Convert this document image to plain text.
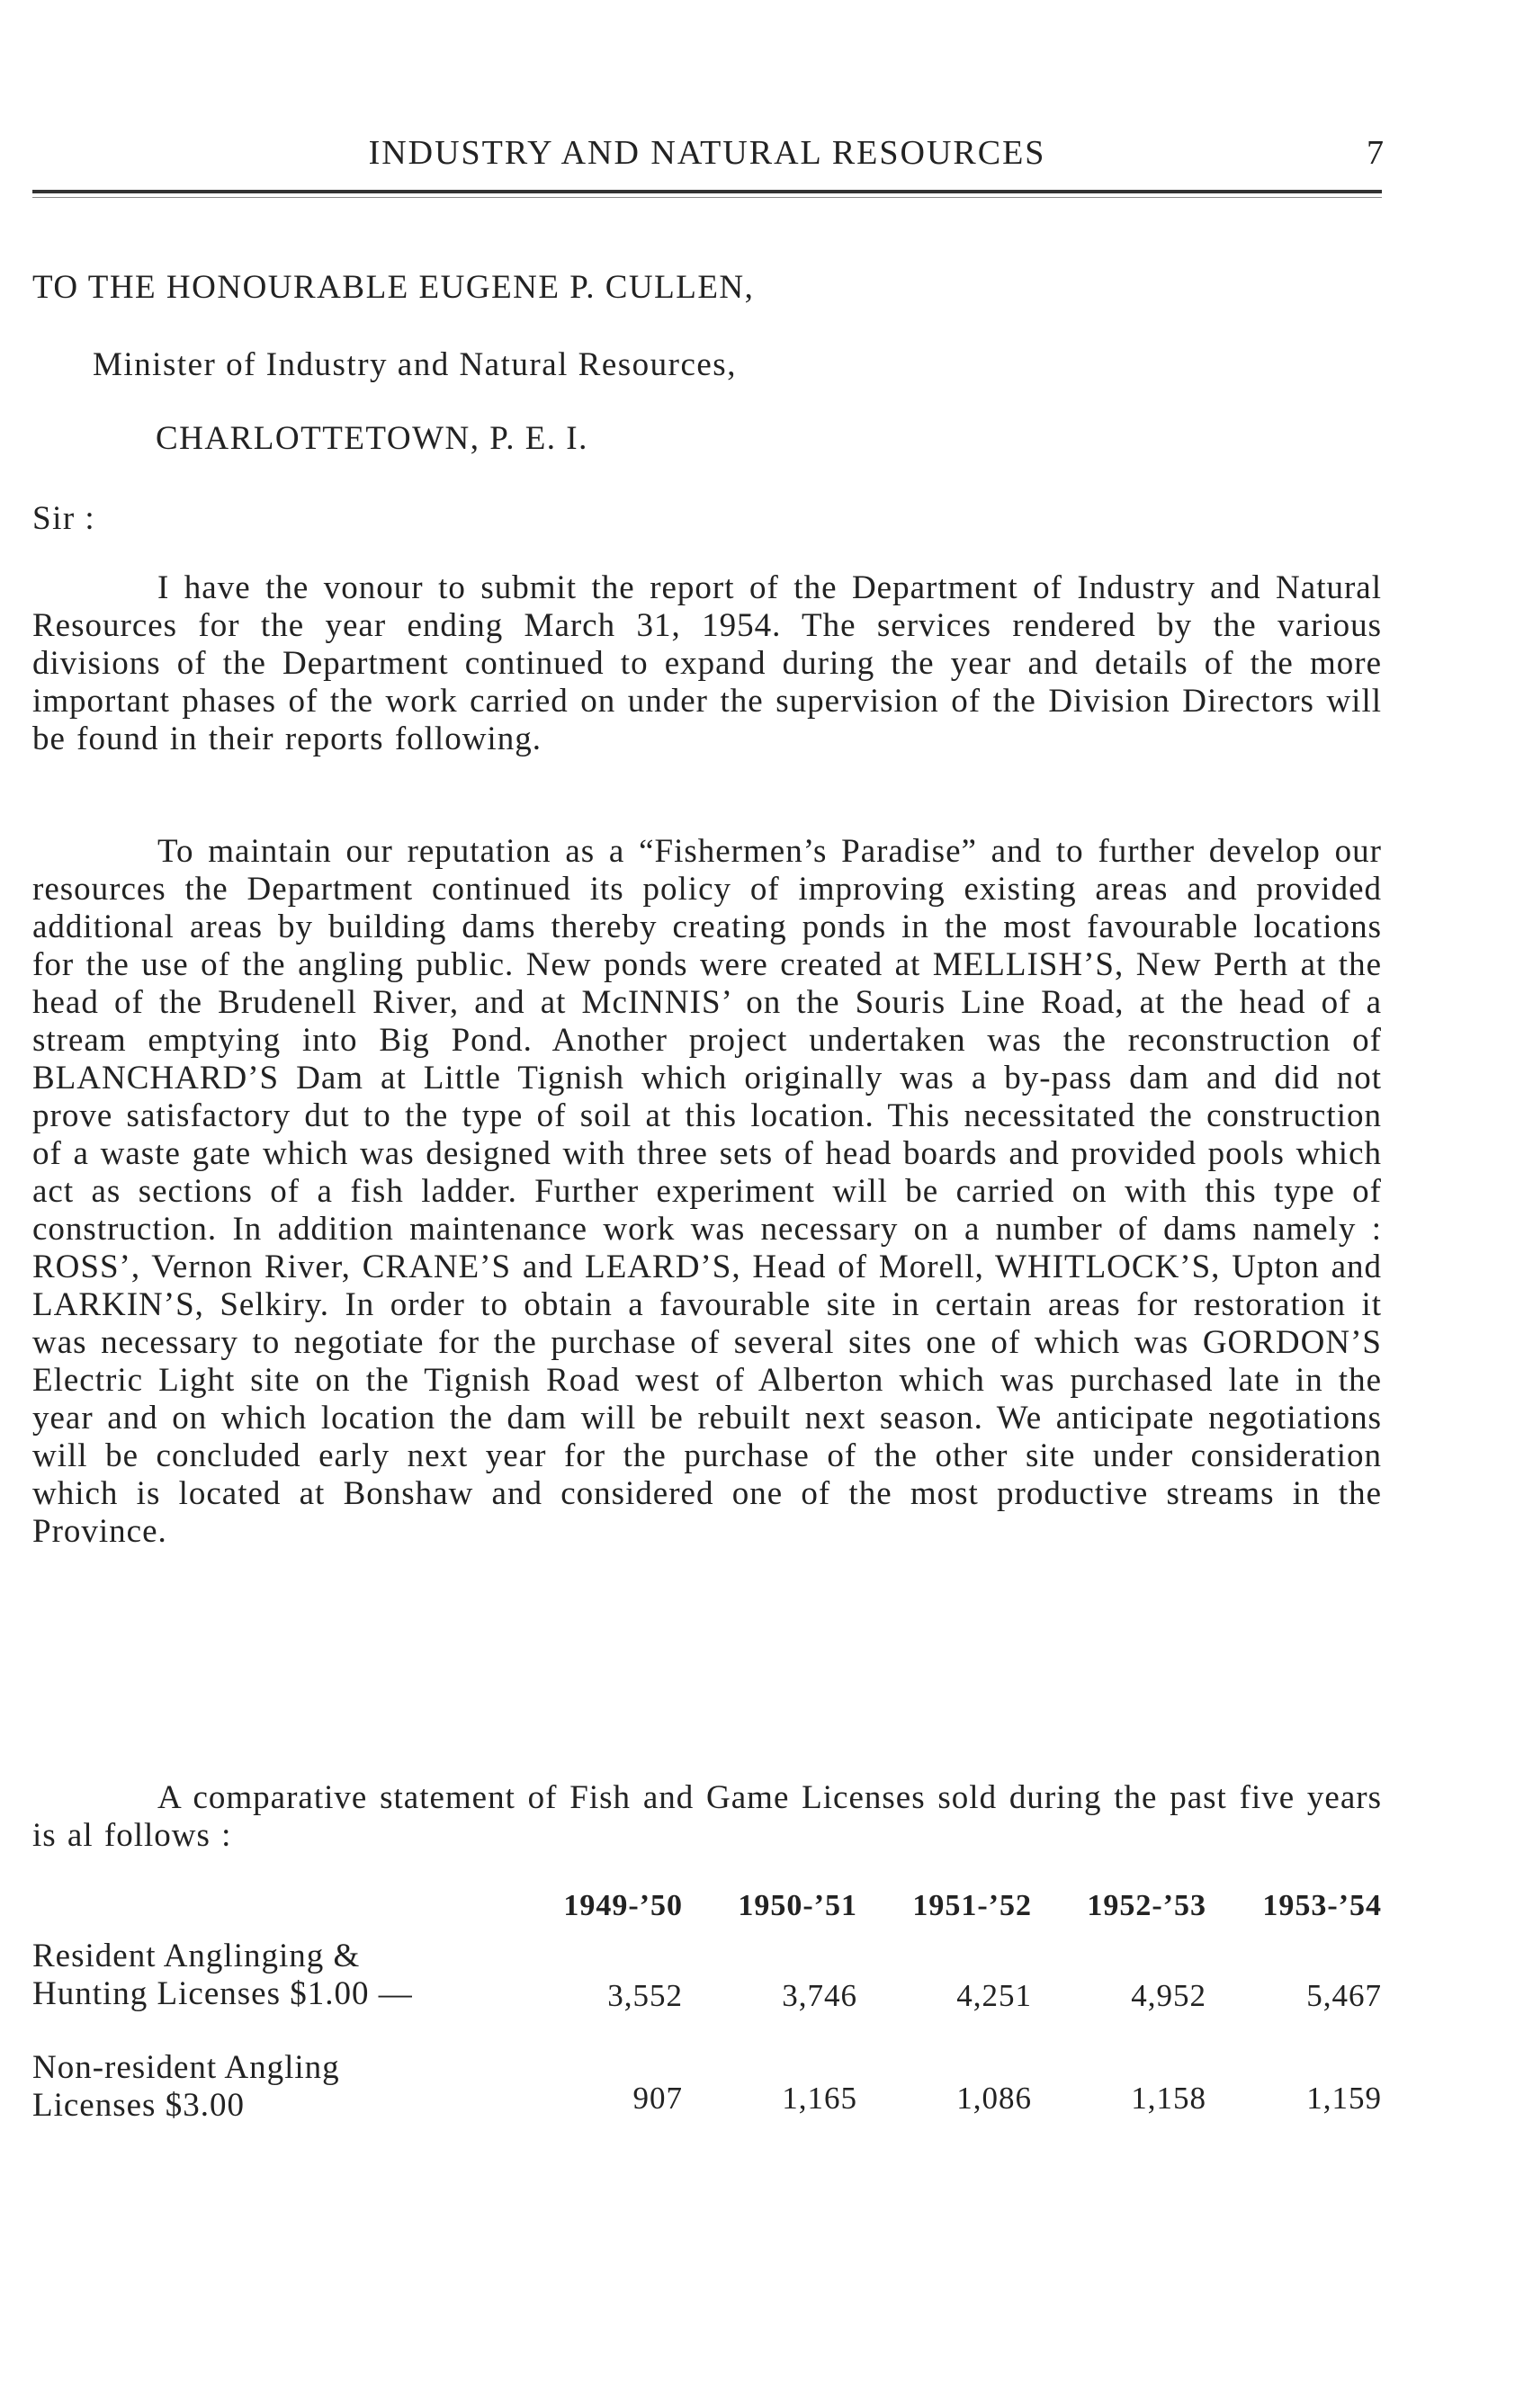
INDUSTRY AND NATURAL RESOURCES	7
TO THE HONOURABLE EUGENE P. CULLEN,
Minister of Industry and Natural Resources,
CHARLOTTETOWN, P. E. I.
Sir :

I have the vonour to submit the report of the Department of Industry and Natural Resources for the year ending March 31, 1954. The services rendered by the various divisions of the Department continued to expand during the year and details of the more important phases of the work carried on under the supervision of the Division Directors will be found in their reports following.

To maintain our reputation as a “Fishermen’s Paradise” and to further develop our resources the Department continued its policy of improving existing areas and provided additional areas by building dams thereby creating ponds in the most favourable locations for the use of the angling public. New ponds were created at MELLISH’S, New Perth at the head of the Brudenell River, and at McINNIS’ on the Souris Line Road, at the head of a stream emptying into Big Pond. Another project undertaken was the reconstruction of BLANCHARD’S Dam at Little Tignish which originally was a by-pass dam and did not prove satisfactory dut to the type of soil at this location. This necessitated the construction of a waste gate which was designed with three sets of head boards and provided pools which act as sections of a fish ladder. Further experiment will be carried on with this type of construction. In addition maintenance work was necessary on a number of dams namely : ROSS’, Vernon River, CRANE’S and LEARD’S, Head of Morell, WHITLOCK’S, Upton and LARKIN’S, Selkiry. In order to obtain a favourable site in certain areas for restoration it was necessary to negotiate for the purchase of several sites one of which was GORDON’S Electric Light site on the Tignish Road west of Alberton which was purchased late in the year and on which location the dam will be rebuilt next season. We anticipate negotiations will be concluded early next year for the purchase of the other site under consideration which is located at Bonshaw and considered one of the most productive streams in the Province.

A comparative statement of Fish and Game Licenses sold during the past five years is al follows :

1949-’50	1950-’51	1951-’52	1952-’53	1953-’54
Resident Anglinging &
Hunting Licenses $1.00 —	3,552	3,746	4,251	4,952	5,467
Non-resident Angling
Licenses $3.00	907	1,165	1,086	1,158	1,159
